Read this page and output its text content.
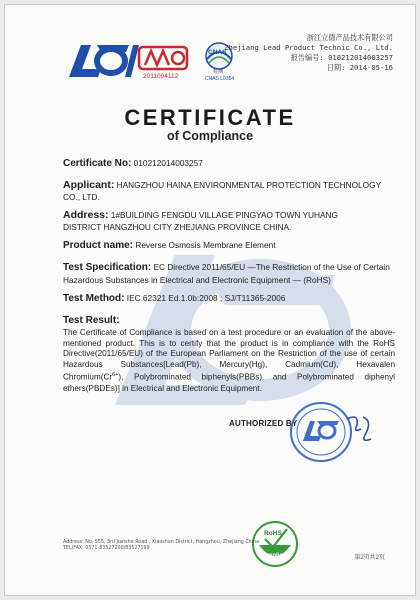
2011004112
CNAS
检测
CNAS L0354
浙江立德产品技术有限公司
Zhejiang Lead Product Technic Co., Ltd.
报告编号: 010212014003257
日期: 2014-05-16
CERTIFICATE
of Compliance
Certificate No: 010212014003257
Applicant: HANGZHOU HAINA ENVIRONMENTAL PROTECTION TECHNOLOGY
CO., LTD.
Address: 1#BUILDING FENGDU VILLAGE PINGYAO TOWN YUHANG
DISTRICT HANGZHOU CITY ZHEJIANG PROVINCE CHINA.
Product name: Reverse Osmosis Membrane Element
Test Specification: EC Directive 2011/65/EU —The Restriction of the Use of Certain
Hazardous Substances in Electrical and Electronic Equipment — (RoHS)
Test Method: IEC 62321 Ed.1.0b:2008 ; SJ/T11365-2006
Test Result:
The Certificate of Compliance is based on a test procedure or an evaluation of the above-mentioned product. This is to certify that the product is in compliance with the RoHS Directive(2011/65/EU) of the European Parliament on the Restriction of the use of certain Hazardous Substances[Lead(Pb), Mercury(Hg), Cadmium(Cd), Hexavalen $Chromium(Cr^{6+})$, Polybrominated biphenyls(PBBs) and Polybrominated diphenyl ethers(PBDEs)] in Electrical and Electronic Equipment.
AUTHORIZED BY
RoHS
Compliant
Address: No. 555, 3rd Jianshe Road , Xiaoshan District, Hangzhou, Zhejiang China
TEL/FAX: 0571-83527200/83527199
第2页共2页
